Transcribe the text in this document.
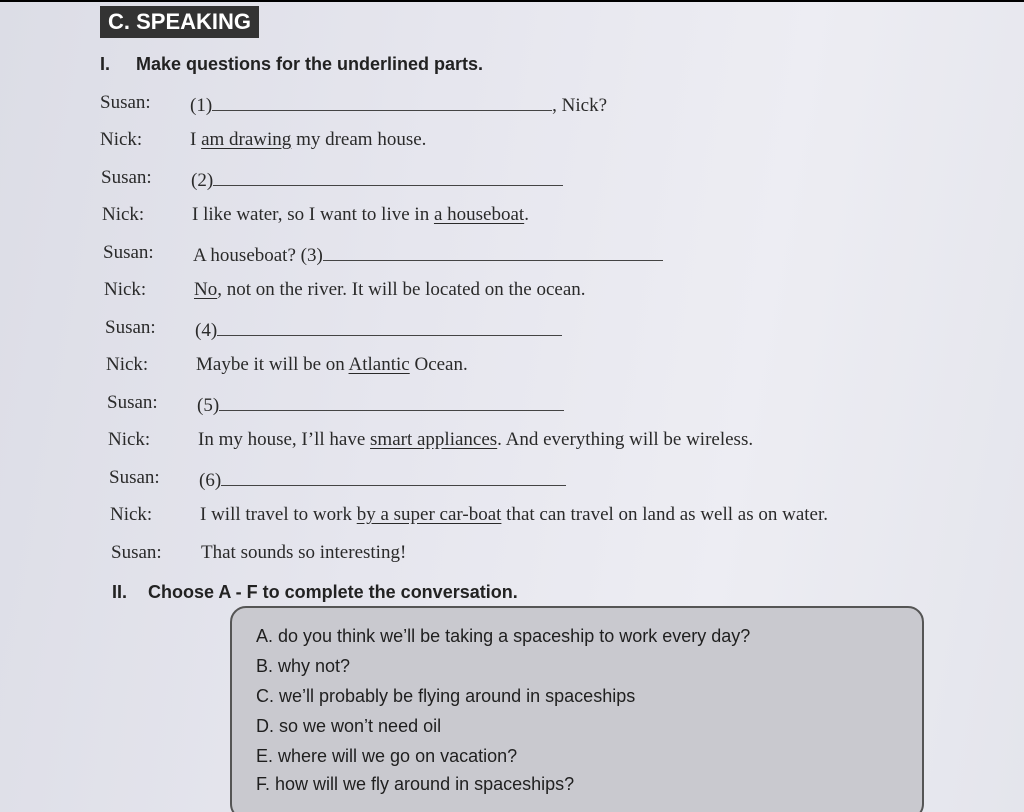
C. SPEAKING
I. Make questions for the underlined parts.
Susan: (1)	, Nick?
Nick:	I am drawing my dream house.
Susan: (2)
Nick:	I like water, so I want to live in a houseboat.
Susan: A houseboat? (3)
Nick:	No, not on the river. It will be located on the ocean.
Susan: (4)
Nick:	Maybe it will be on Atlantic Ocean.
Susan: (5)
Nick:	In my house, I’ll have smart appliances. And everything will be wireless.
Susan: (6)
Nick:	I will travel to work by a super car-boat that can travel on land as well as on water.
Susan: That sounds so interesting!
II. Choose A - F to complete the conversation.
A. do you think we’ll be taking a spaceship to work every day?
B. why not?
C. we’ll probably be flying around in spaceships
D. so we won’t need oil
E. where will we go on vacation?
F. how will we fly around in spaceships?
